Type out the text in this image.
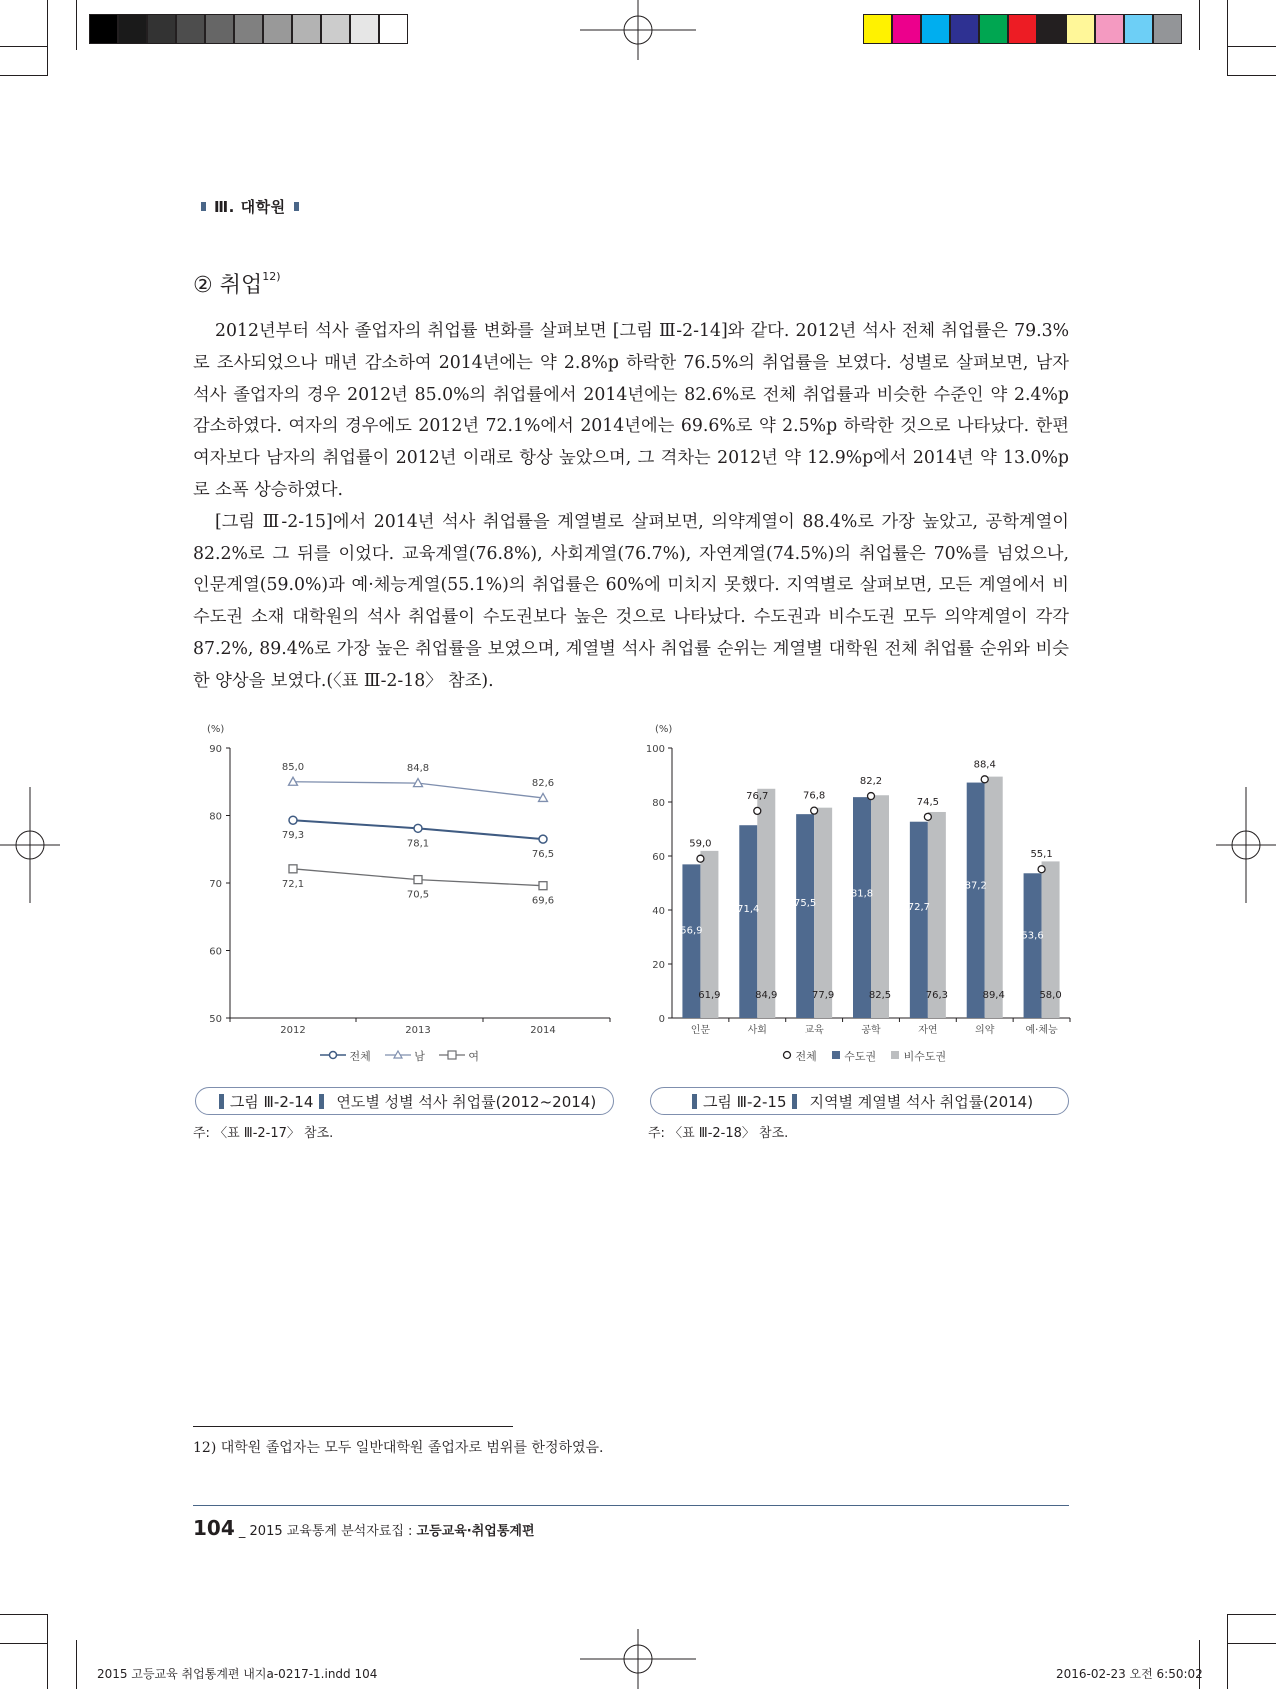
Ⅲ. 대학원
② 취업$^{12)}$

2012년부터 석사 졸업자의 취업률 변화를 살펴보면 [그림 Ⅲ-2-14]와 같다. 2012년 석사 전체 취업률은 79.3%로 조사되었으나 매년 감소하여 2014년에는 약 2.8%p 하락한 76.5%의 취업률을 보였다. 성별로 살펴보면, 남자 석사 졸업자의 경우 2012년 85.0%의 취업률에서 2014년에는 82.6%로 전체 취업률과 비슷한 수준인 약 2.4%p 감소하였다. 여자의 경우에도 2012년 72.1%에서 2014년에는 69.6%로 약 2.5%p 하락한 것으로 나타났다. 한편 여자보다 남자의 취업률이 2012년 이래로 항상 높았으며, 그 격차는 2012년 약 12.9%p에서 2014년 약 13.0%p로 소폭 상승하였다.

[그림 Ⅲ-2-15]에서 2014년 석사 취업률을 계열별로 살펴보면, 의약계열이 88.4%로 가장 높았고, 공학계열이 82.2%로 그 뒤를 이었다. 교육계열(76.8%), 사회계열(76.7%), 자연계열(74.5%)의 취업률은 70%를 넘었으나, 인문계열(59.0%)과 예·체능계열(55.1%)의 취업률은 60%에 미치지 못했다. 지역별로 살펴보면, 모든 계열에서 비수도권 소재 대학원의 석사 취업률이 수도권보다 높은 것으로 나타났다. 수도권과 비수도권 모두 의약계열이 각각 87.2%, 89.4%로 가장 높은 취업률을 보였으며, 계열별 석사 취업률 순위는 계열별 대학원 전체 취업률 순위와 비슷한 양상을 보였다.(〈표 Ⅲ-2-18〉 참조).

(%)
50
60
70
80
90
2012	2013	2014
79,3
78,1
76,5
85,0	84,8
82,6
72,1
70,5
69,6
전체	남	여
그림 Ⅲ-2-14 연도별 성별 석사 취업률(2012~2014)
주: 〈표 Ⅲ-2-17〉 참조.
(%)
0
20
40
60
80
100
인문
56,9
61,9
59,0
사회
71,4
84,9
76,7
교육
75,5
77,9
76,8
공학
81,8
82,5
82,2
자연
72,7
76,3
74,5
의약
87,2
89,4
88,4
예·체능
53,6
58,0
55,1
전체	수도권	비수도권
그림 Ⅲ-2-15 지역별 계열별 석사 취업률(2014)
주: 〈표 Ⅲ-2-18〉 참조.
12) 대학원 졸업자는 모두 일반대학원 졸업자로 범위를 한정하였음.
104 _ 2015 교육통계 분석자료집 : 고등교육·취업통계편
2015 고등교육 취업통계편 내지a-0217-1.indd 104	2016-02-23 오전 6:50:02
